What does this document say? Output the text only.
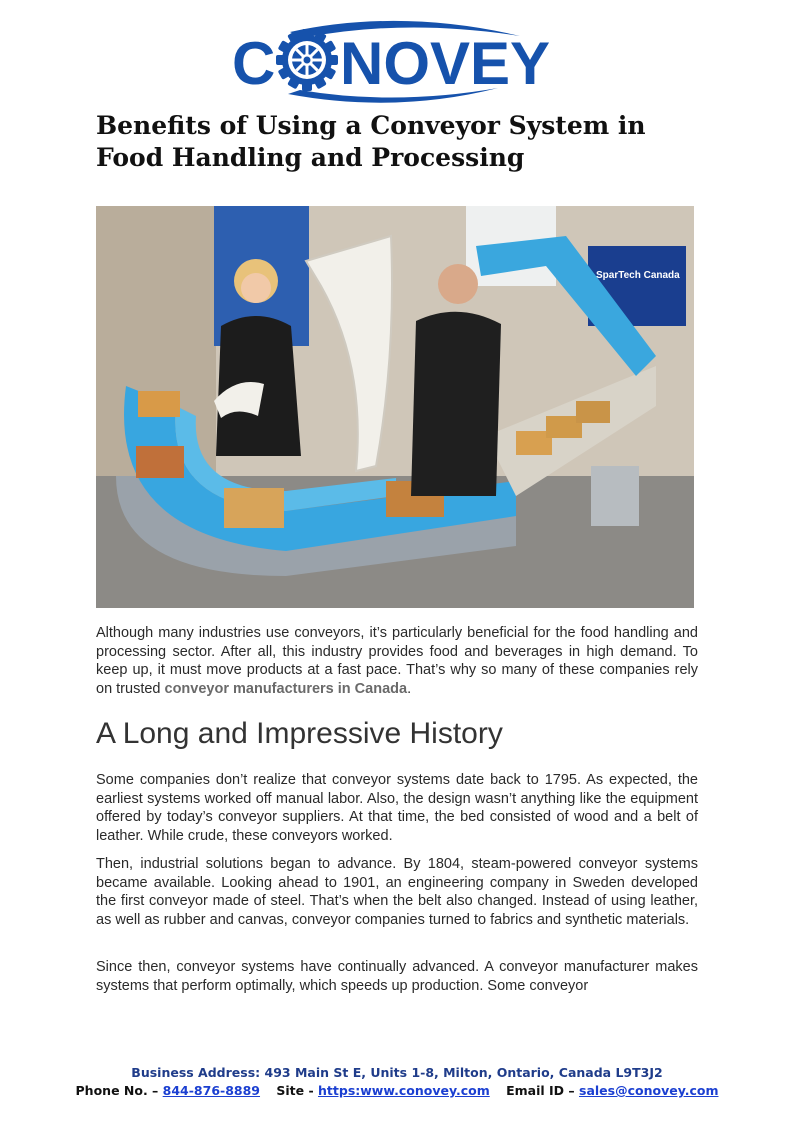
C NOVEY
Benefits of Using a Conveyor System in Food Handling and Processing
SparTech Canada

Although many industries use conveyors, it’s particularly beneficial for the food handling and processing sector. After all, this industry provides food and beverages in high demand. To keep up, it must move products at a fast pace. That’s why so many of these companies rely on trusted conveyor manufacturers in Canada.

A Long and Impressive History

Some companies don’t realize that conveyor systems date back to 1795. As expected, the earliest systems worked off manual labor. Also, the design wasn’t anything like the equipment offered by today’s conveyor suppliers. At that time, the bed consisted of wood and a belt of leather. While crude, these conveyors worked.

Then, industrial solutions began to advance. By 1804, steam-powered conveyor systems became available. Looking ahead to 1901, an engineering company in Sweden developed the first conveyor made of steel. That’s when the belt also changed. Instead of using leather, as well as rubber and canvas, conveyor companies turned to fabrics and synthetic materials.

Since then, conveyor systems have continually advanced. A conveyor manufacturer makes systems that perform optimally, which speeds up production. Some conveyor

Business Address: 493 Main St E, Units 1-8, Milton, Ontario, Canada L9T3J2
Phone No. – 844-876-8889 Site - https:www.conovey.com Email ID – sales@conovey.com
